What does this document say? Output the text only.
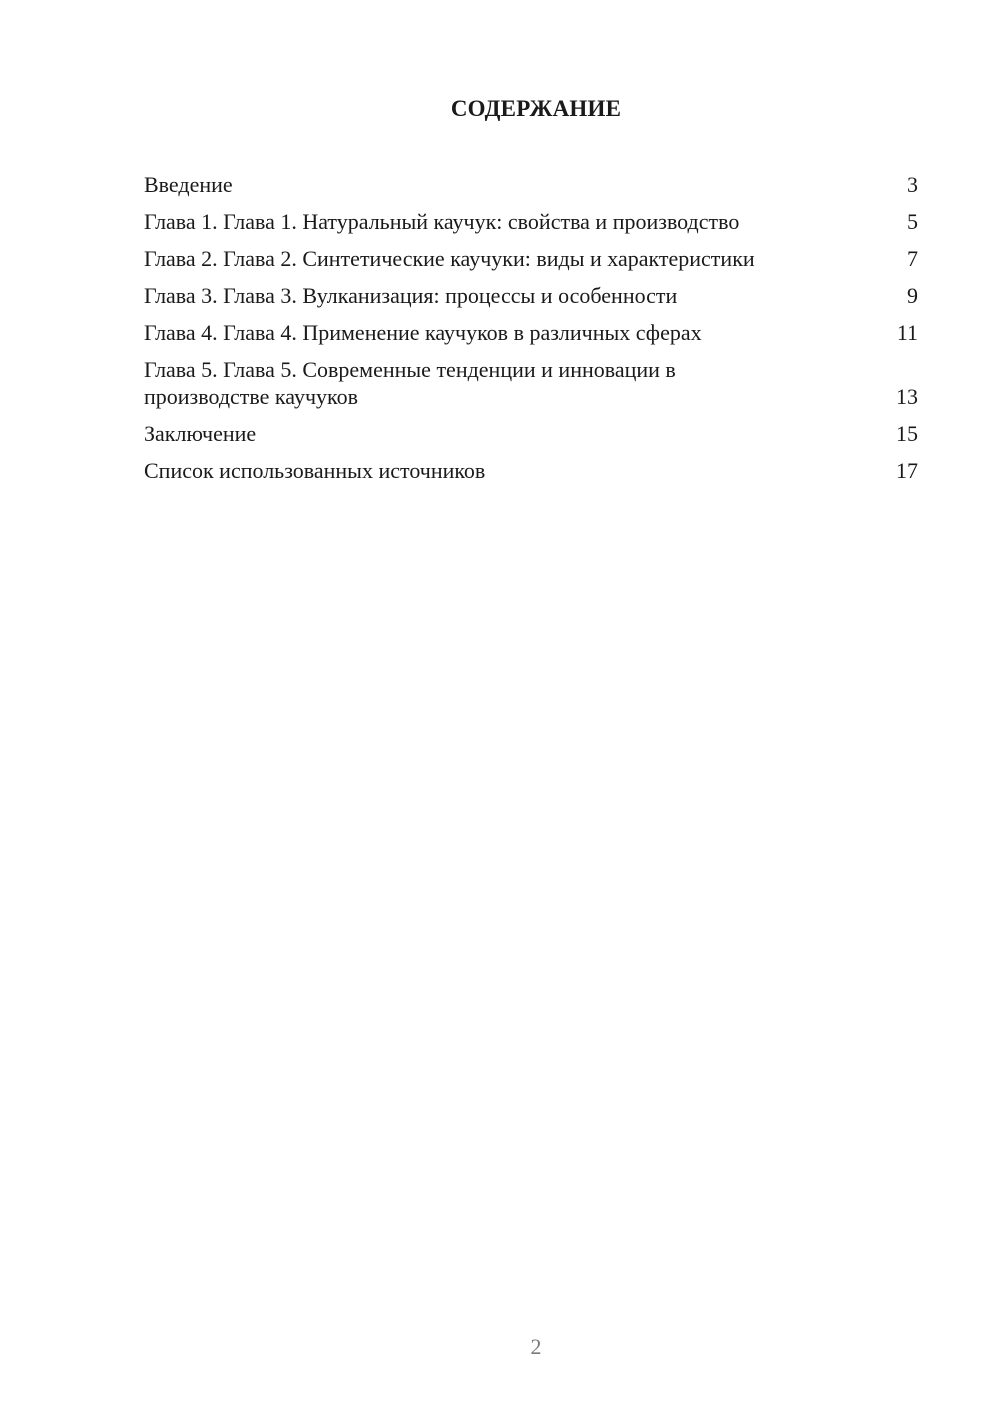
СОДЕРЖАНИЕ
Введение	3
Глава 1. Глава 1. Натуральный каучук: свойства и производство	5
Глава 2. Глава 2. Синтетические каучуки: виды и характеристики	7
Глава 3. Глава 3. Вулканизация: процессы и особенности	9
Глава 4. Глава 4. Применение каучуков в различных сферах	11
Глава 5. Глава 5. Современные тенденции и инновации в производстве каучуков	13
Заключение	15
Список использованных источников	17
2
